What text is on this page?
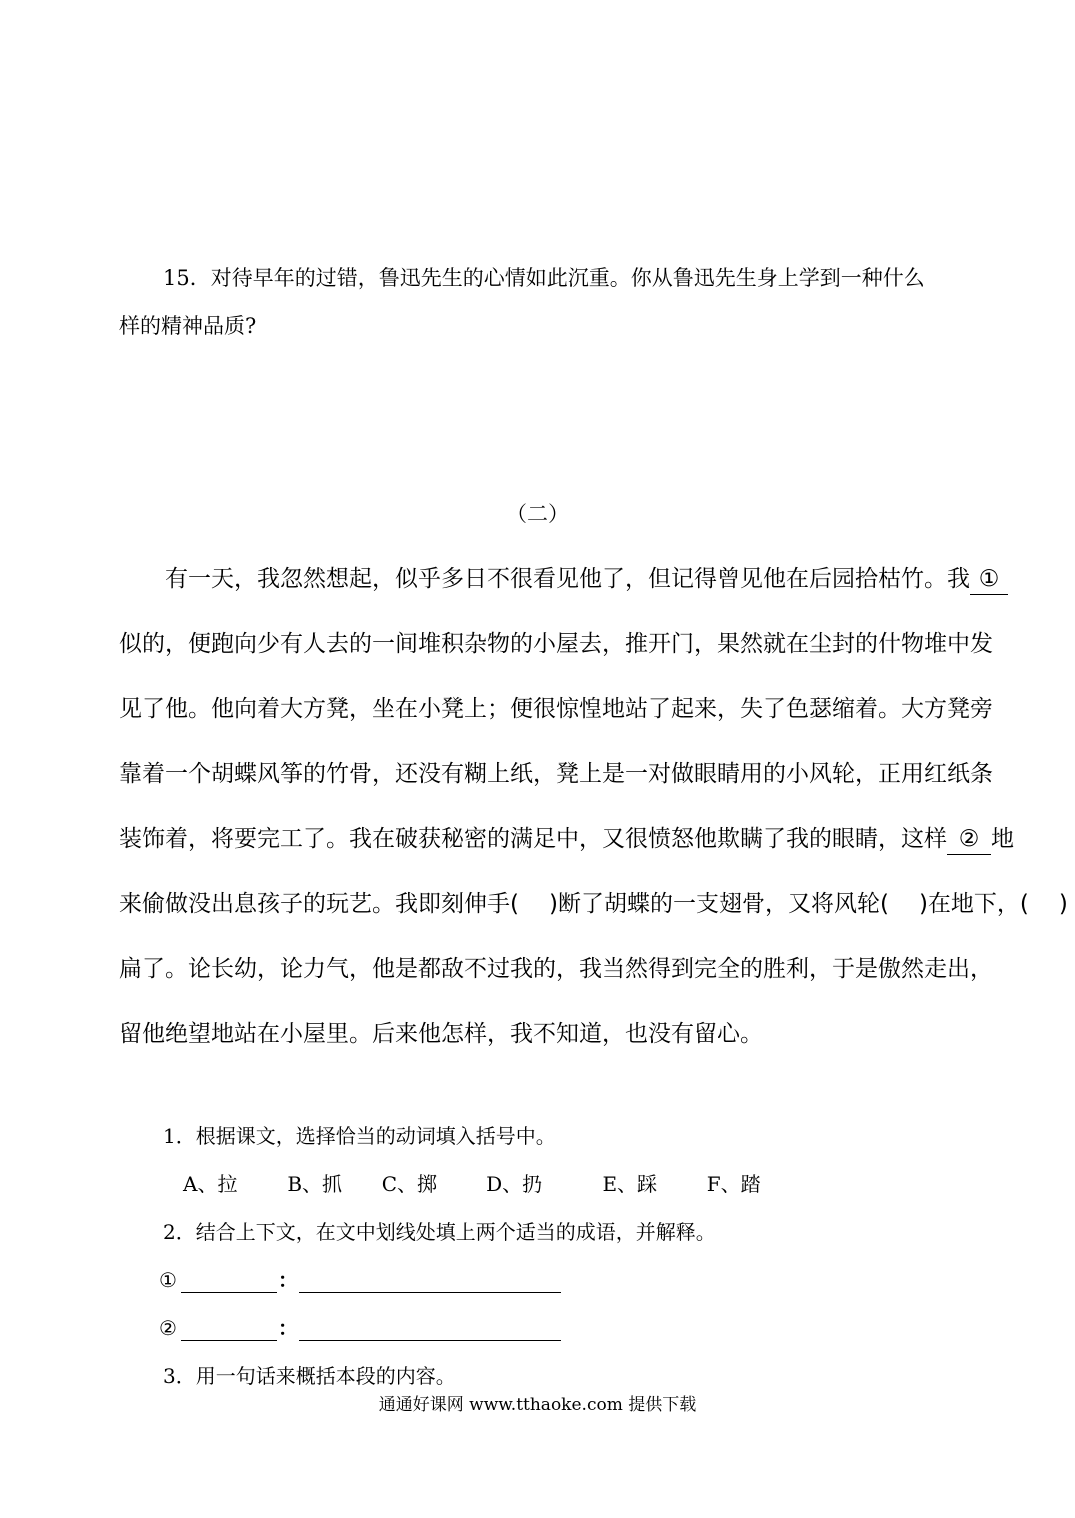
15．对待早年的过错，鲁迅先生的心情如此沉重。你从鲁迅先生身上学到一种什么
样的精神品质?
（二）
有一天，我忽然想起，似乎多日不很看见他了，但记得曾见他在后园拾枯竹。我 ①
似的，便跑向少有人去的一间堆积杂物的小屋去，推开门，果然就在尘封的什物堆中发
见了他。他向着大方凳，坐在小凳上；便很惊惶地站了起来，失了色瑟缩着。大方凳旁
靠着一个胡蝶风筝的竹骨，还没有糊上纸，凳上是一对做眼睛用的小风轮，正用红纸条
装饰着，将要完工了。我在破获秘密的满足中，又很愤怒他欺瞒了我的眼睛，这样 ② 地
来偷做没出息孩子的玩艺。我即刻伸手( )断了胡蝶的一支翅骨，又将风轮( )在地下，( )
扁了。论长幼，论力气，他是都敌不过我的，我当然得到完全的胜利，于是傲然走出，
留他绝望地站在小屋里。后来他怎样，我不知道，也没有留心。
1．根据课文，选择恰当的动词填入括号中。
A、拉 B、抓 C、掷 D、扔	E、踩 F、踏
2．结合上下文，在文中划线处填上两个适当的成语，并解释。
①	：
②	：
3．用一句话来概括本段的内容。
通通好课网 www.tthaoke.com 提供下载
